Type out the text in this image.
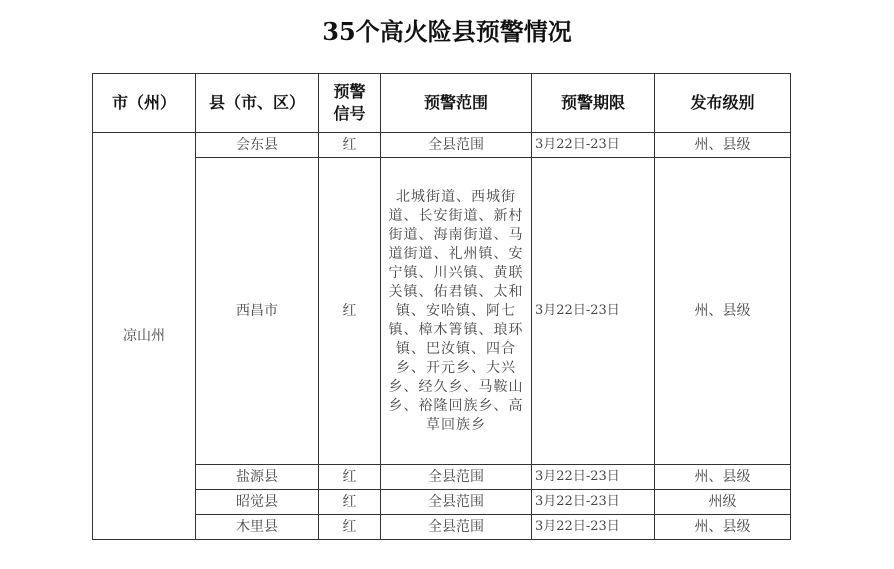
35个高火险县预警情况
市（州）	县（市、区）	预警信号	预警范围	预警期限	发布级别
凉山州	会东县	红	全县范围	3月22日-23日	州、县级
	西昌市	红	北城街道、西城街道、长安街道、新村街道、海南街道、马道街道、礼州镇、安宁镇、川兴镇、黄联关镇、佑君镇、太和镇、安哈镇、阿七镇、樟木箐镇、琅环镇、巴汝镇、四合乡、开元乡、大兴乡、经久乡、马鞍山乡、裕隆回族乡、高草回族乡	3月22日-23日	州、县级
	盐源县	红	全县范围	3月22日-23日	州、县级
	昭觉县	红	全县范围	3月22日-23日	州级
	木里县	红	全县范围	3月22日-23日	州、县级
